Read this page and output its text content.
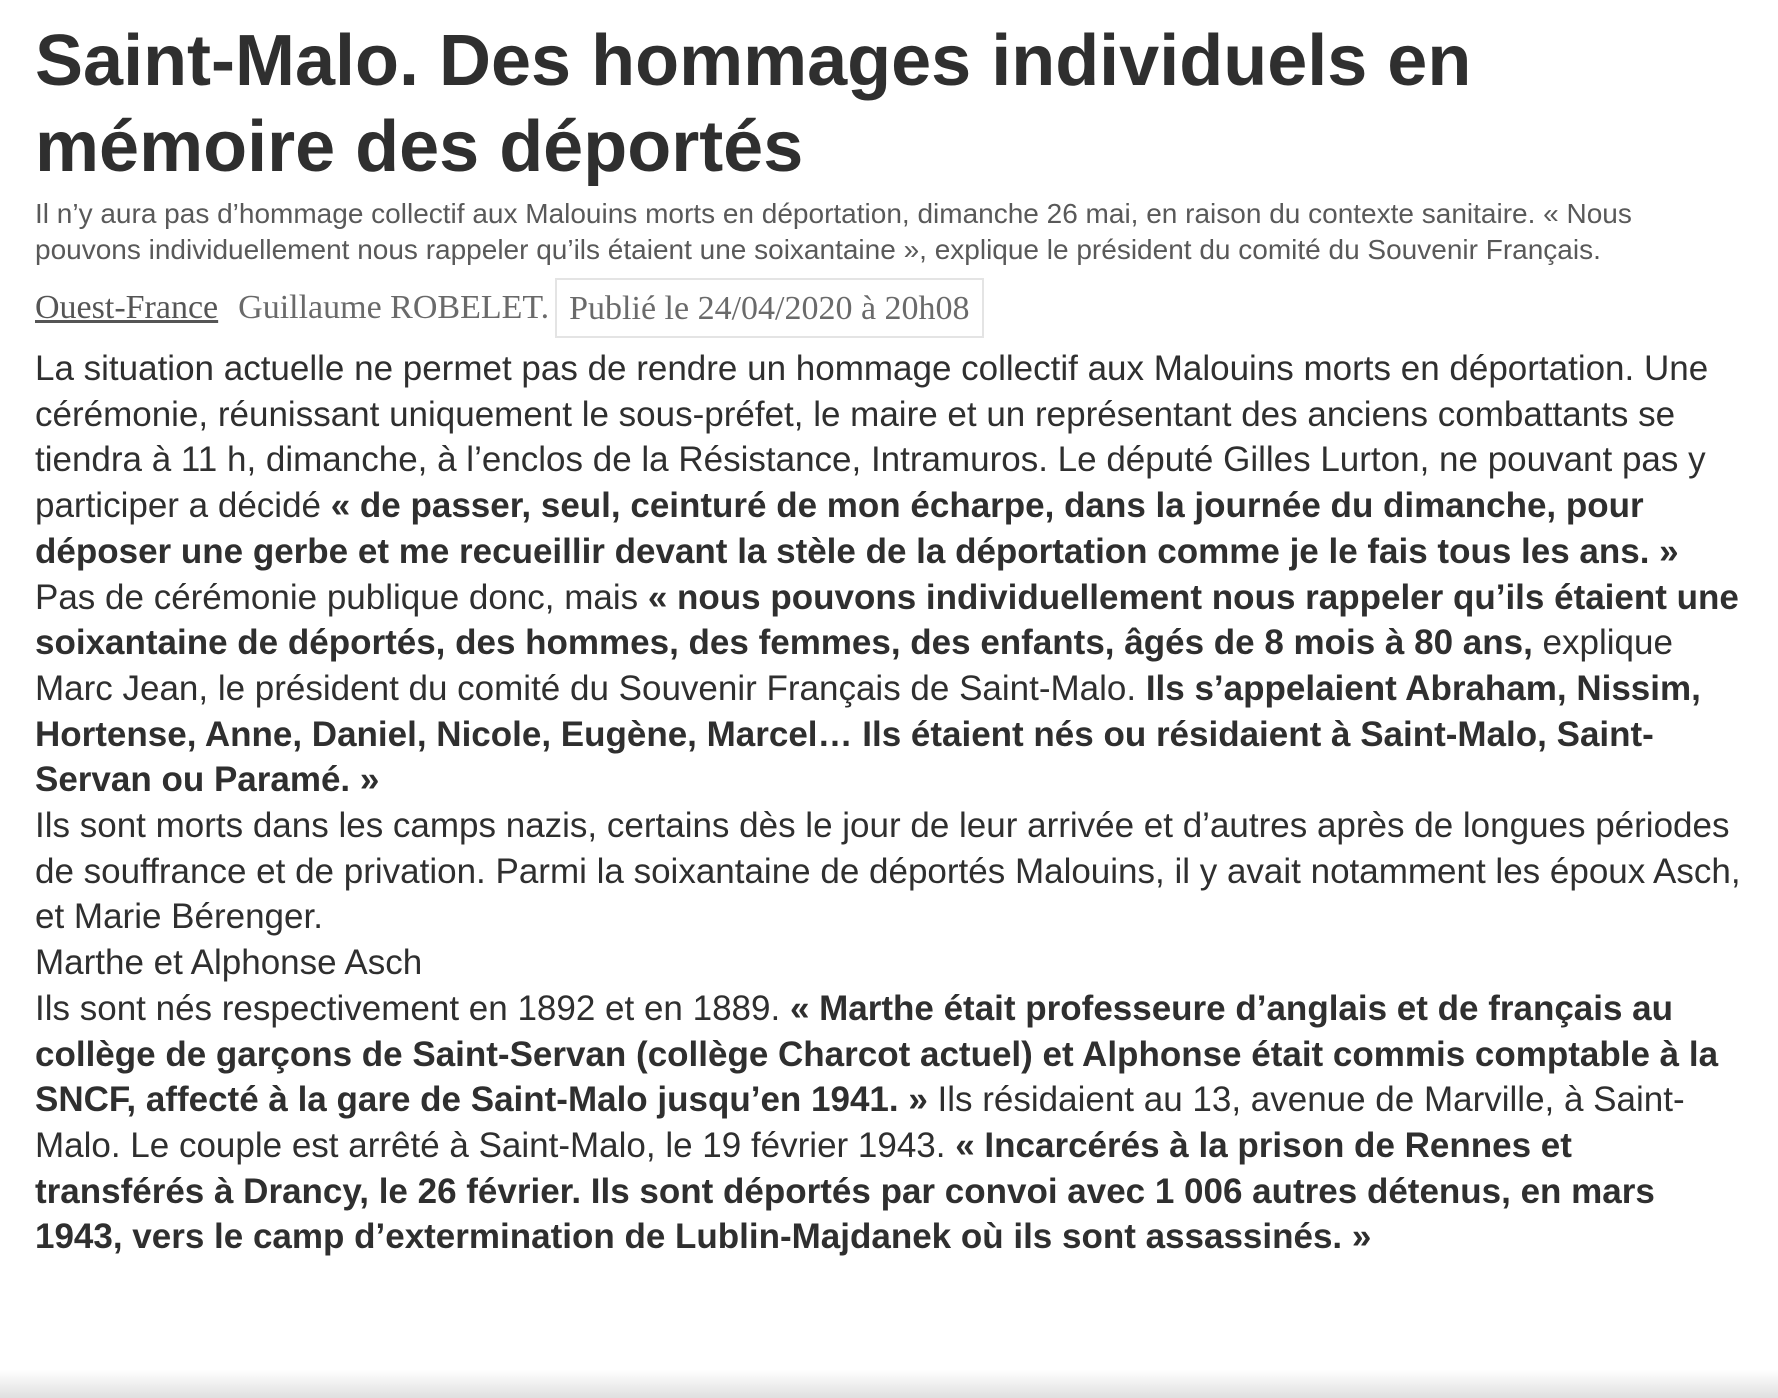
Saint-Malo. Des hommages individuels en mémoire des déportés
Il n’y aura pas d’hommage collectif aux Malouins morts en déportation, dimanche 26 mai, en raison du contexte sanitaire. « Nous pouvons individuellement nous rappeler qu’ils étaient une soixantaine », explique le président du comité du Souvenir Français.
Ouest-France Guillaume ROBELET. Publié le 24/04/2020 à 20h08

La situation actuelle ne permet pas de rendre un hommage collectif aux Malouins morts en déportation. Une cérémonie, réunissant uniquement le sous-préfet, le maire et un représentant des anciens combattants se tiendra à 11 h, dimanche, à l’enclos de la Résistance, Intramuros. Le député Gilles Lurton, ne pouvant pas y participer a décidé « de passer, seul, ceinturé de mon écharpe, dans la journée du dimanche, pour déposer une gerbe et me recueillir devant la stèle de la déportation comme je le fais tous les ans. »

Pas de cérémonie publique donc, mais « nous pouvons individuellement nous rappeler qu’ils étaient une soixantaine de déportés, des hommes, des femmes, des enfants, âgés de 8 mois à 80 ans, explique Marc Jean, le président du comité du Souvenir Français de Saint-Malo. Ils s’appelaient Abraham, Nissim, Hortense, Anne, Daniel, Nicole, Eugène, Marcel… Ils étaient nés ou résidaient à Saint-Malo, Saint-Servan ou Paramé. »

Ils sont morts dans les camps nazis, certains dès le jour de leur arrivée et d’autres après de longues périodes de souffrance et de privation. Parmi la soixantaine de déportés Malouins, il y avait notamment les époux Asch, et Marie Bérenger.

Marthe et Alphonse Asch

Ils sont nés respectivement en 1892 et en 1889. « Marthe était professeure d’anglais et de français au collège de garçons de Saint-Servan (collège Charcot actuel) et Alphonse était commis comptable à la SNCF, affecté à la gare de Saint-Malo jusqu’en 1941. » Ils résidaient au 13, avenue de Marville, à Saint-Malo. Le couple est arrêté à Saint-Malo, le 19 février 1943. « Incarcérés à la prison de Rennes et transférés à Drancy, le 26 février. Ils sont déportés par convoi avec 1 006 autres détenus, en mars 1943, vers le camp d’extermination de Lublin-Majdanek où ils sont assassinés. »
